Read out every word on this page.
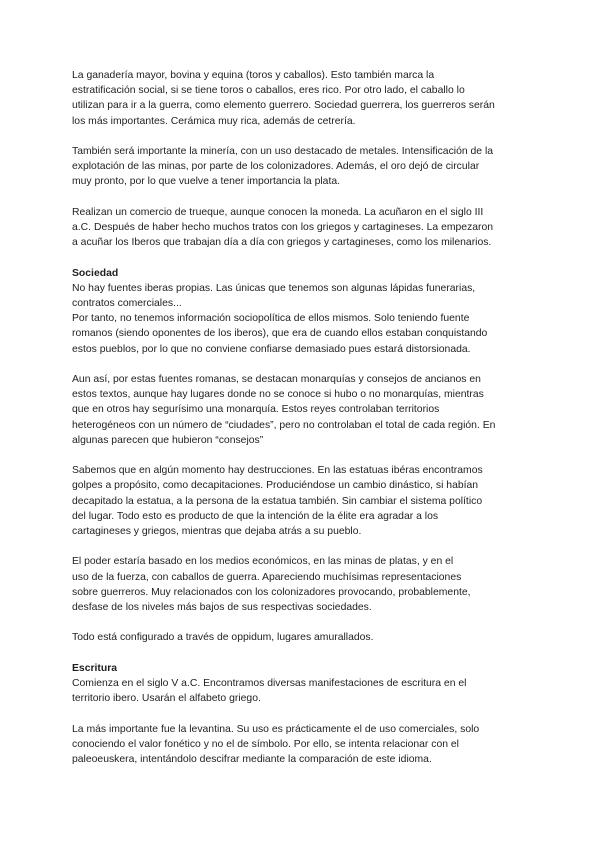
La ganadería mayor, bovina y equina (toros y caballos). Esto también marca la
estratificación social, si se tiene toros o caballos, eres rico. Por otro lado, el caballo lo
utilizan para ir a la guerra, como elemento guerrero. Sociedad guerrera, los guerreros serán
los más importantes. Cerámica muy rica, además de cetrería.
También será importante la minería, con un uso destacado de metales. Intensificación de la
explotación de las minas, por parte de los colonizadores. Además, el oro dejó de circular
muy pronto, por lo que vuelve a tener importancia la plata.
Realizan un comercio de trueque, aunque conocen la moneda. La acuñaron en el siglo III
a.C. Después de haber hecho muchos tratos con los griegos y cartagineses. La empezaron
a acuñar los Iberos que trabajan día a día con griegos y cartagineses, como los milenarios.
Sociedad
No hay fuentes iberas propias. Las únicas que tenemos son algunas lápidas funerarias,
contratos comerciales...
Por tanto, no tenemos información sociopolítica de ellos mismos. Solo teniendo fuente
romanos (siendo oponentes de los iberos), que era de cuando ellos estaban conquistando
estos pueblos, por lo que no conviene confiarse demasiado pues estará distorsionada.
Aun así, por estas fuentes romanas, se destacan monarquías y consejos de ancianos en
estos textos, aunque hay lugares donde no se conoce si hubo o no monarquías, mientras
que en otros hay segurísimo una monarquía. Estos reyes controlaban territorios
heterogéneos con un número de “ciudades”, pero no controlaban el total de cada región. En
algunas parecen que hubieron “consejos”
Sabemos que en algún momento hay destrucciones. En las estatuas ibéras encontramos
golpes a propósito, como decapitaciones. Produciéndose un cambio dinástico, si habían
decapitado la estatua, a la persona de la estatua también. Sin cambiar el sistema político
del lugar. Todo esto es producto de que la intención de la élite era agradar a los
cartagineses y griegos, mientras que dejaba atrás a su pueblo.
El poder estaría basado en los medios económicos, en las minas de platas, y en el
uso de la fuerza, con caballos de guerra. Apareciendo muchísimas representaciones
sobre guerreros. Muy relacionados con los colonizadores provocando, probablemente,
desfase de los niveles más bajos de sus respectivas sociedades.
Todo está configurado a través de oppidum, lugares amurallados.
Escritura
Comienza en el siglo V a.C. Encontramos diversas manifestaciones de escritura en el
territorio ibero. Usarán el alfabeto griego.
La más importante fue la levantina. Su uso es prácticamente el de uso comerciales, solo
conociendo el valor fonético y no el de símbolo. Por ello, se intenta relacionar con el
paleoeuskera, intentándolo descifrar mediante la comparación de este idioma.
